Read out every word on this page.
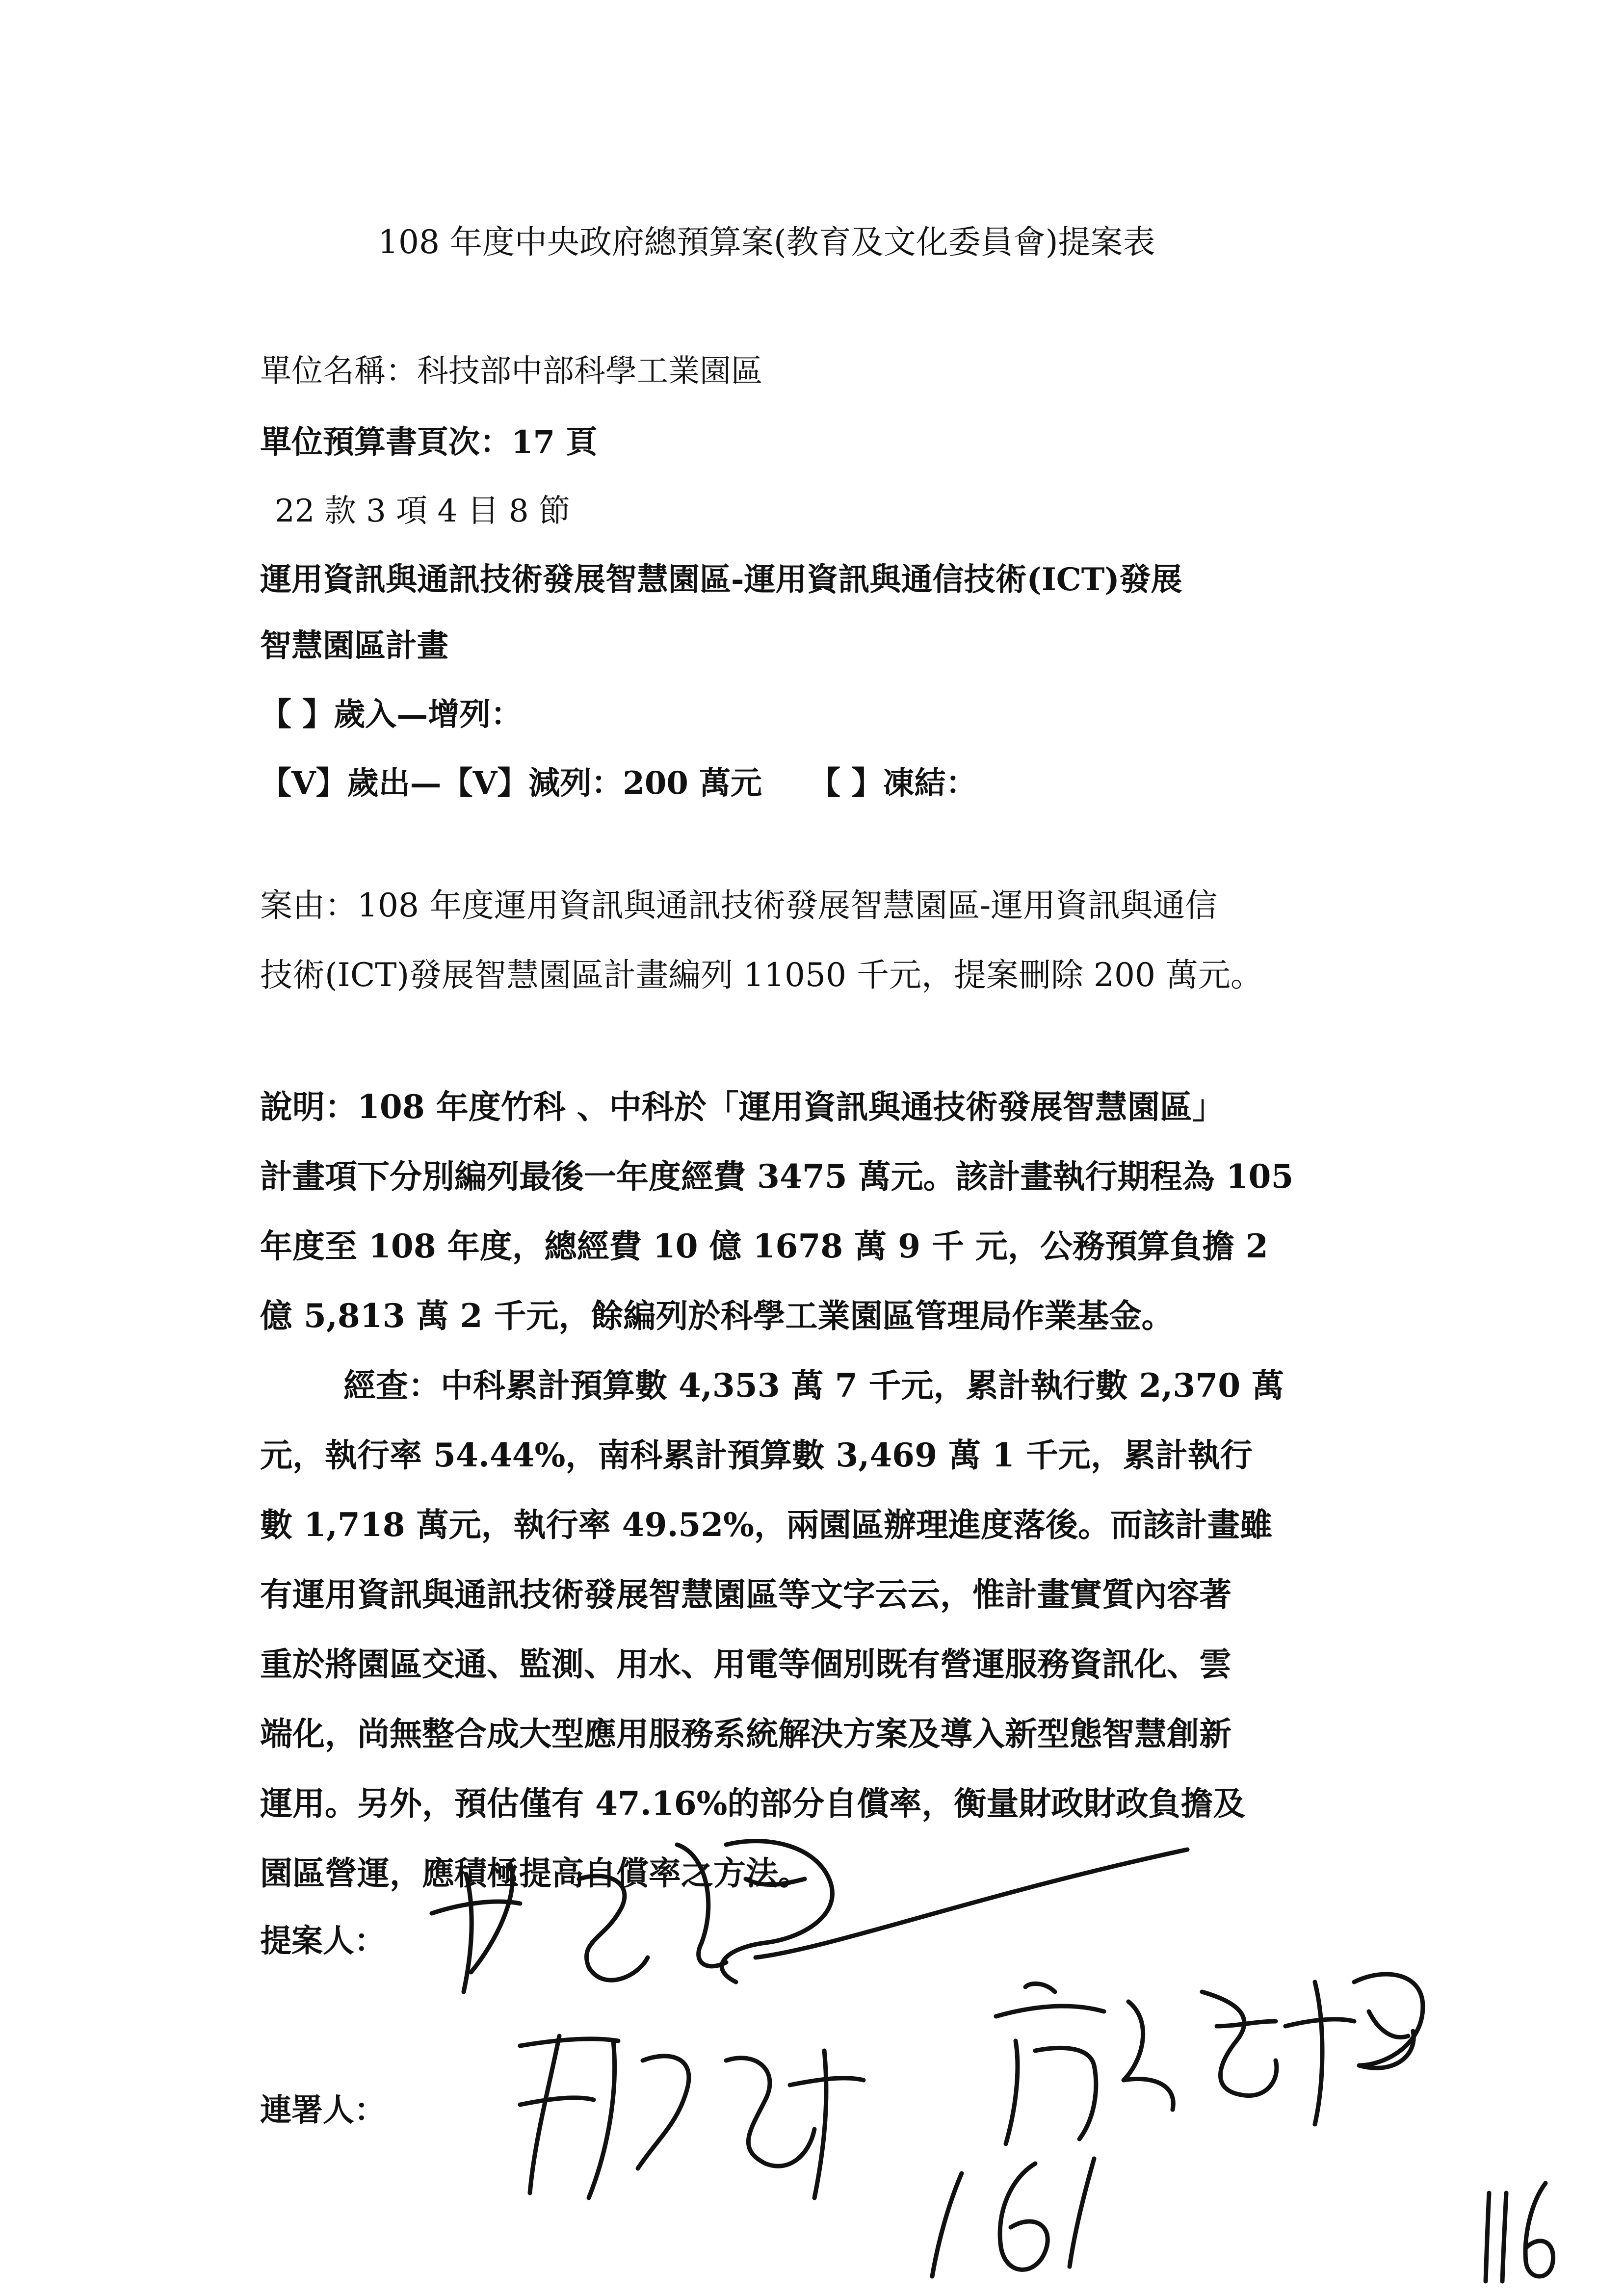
108 年度中央政府總預算案(教育及文化委員會)提案表
單位名稱：科技部中部科學工業園區
單位預算書頁次：17 頁
22 款 3 項 4 目 8 節
運用資訊與通訊技術發展智慧園區-運用資訊與通信技術(ICT)發展
智慧園區計畫
【 】歲入—增列：
【V】歲出—【V】減列：200 萬元　　【 】凍結：
案由：108 年度運用資訊與通訊技術發展智慧園區-運用資訊與通信
技術(ICT)發展智慧園區計畫編列 11050 千元，提案刪除 200 萬元。
說明：108 年度竹科 、中科於「運用資訊與通技術發展智慧園區」
計畫項下分別編列最後一年度經費 3475 萬元。該計畫執行期程為 105
年度至 108 年度，總經費 10 億 1678 萬 9 千 元，公務預算負擔 2
億 5,813 萬 2 千元，餘編列於科學工業園區管理局作業基金。
經查：中科累計預算數 4,353 萬 7 千元，累計執行數 2,370 萬
元，執行率 54.44%，南科累計預算數 3,469 萬 1 千元，累計執行
數 1,718 萬元，執行率 49.52%，兩園區辦理進度落後。而該計畫雖
有運用資訊與通訊技術發展智慧園區等文字云云，惟計畫實質內容著
重於將園區交通、監測、用水、用電等個別既有營運服務資訊化、雲
端化，尚無整合成大型應用服務系統解決方案及導入新型態智慧創新
運用。另外，預估僅有 47.16%的部分自償率，衡量財政財政負擔及
園區營運，應積極提高自償率之方法。
提案人：
連署人：
